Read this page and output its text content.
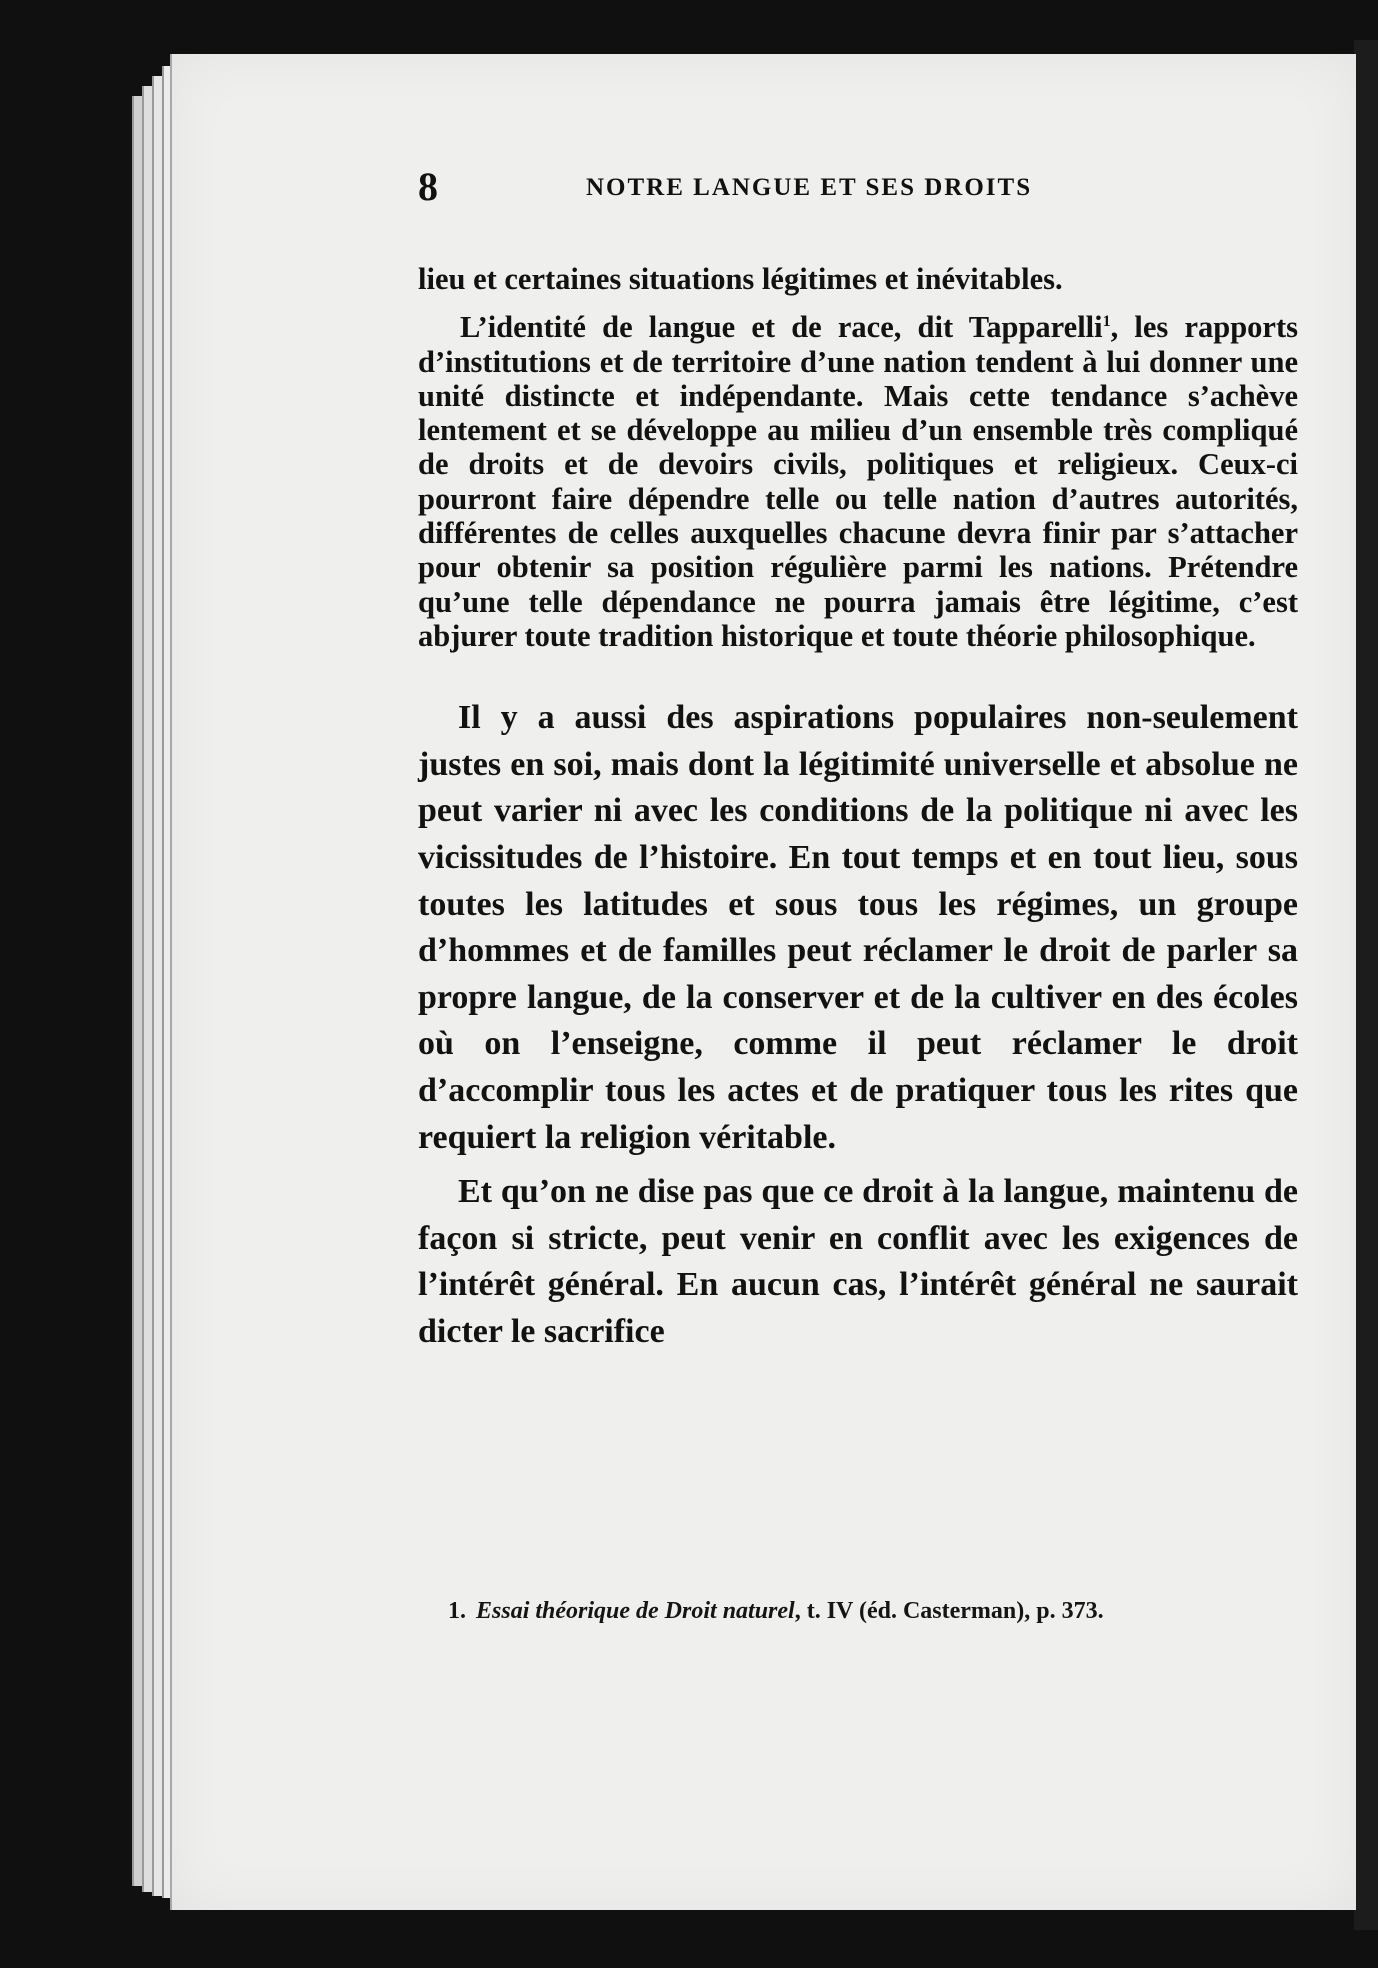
8	NOTRE LANGUE ET SES DROITS

lieu et certaines situations légitimes et inévitables.

L’identité de langue et de race, dit Tapparelli$^1$, les rapports d’institutions et de territoire d’une nation tendent à lui donner une unité distincte et indépendante. Mais cette tendance s’achève lentement et se développe au milieu d’un ensemble très compliqué de droits et de devoirs civils, politiques et religieux. Ceux-ci pourront faire dépendre telle ou telle nation d’autres autorités, différentes de celles auxquelles chacune devra finir par s’attacher pour obtenir sa position régulière parmi les nations. Prétendre qu’une telle dépendance ne pourra jamais être légitime, c’est abjurer toute tradition historique et toute théorie philosophique.

Il y a aussi des aspirations populaires non-seulement justes en soi, mais dont la légitimité universelle et absolue ne peut varier ni avec les conditions de la politique ni avec les vicissitudes de l’histoire. En tout temps et en tout lieu, sous toutes les latitudes et sous tous les régimes, un groupe d’hommes et de familles peut réclamer le droit de parler sa propre langue, de la conserver et de la cultiver en des écoles où on l’enseigne, comme il peut réclamer le droit d’accomplir tous les actes et de pratiquer tous les rites que requiert la religion véritable.

Et qu’on ne dise pas que ce droit à la langue, maintenu de façon si stricte, peut venir en conflit avec les exigences de l’intérêt général. En aucun cas, l’intérêt général ne saurait dicter le sacrifice

1. Essai théorique de Droit naturel, t. IV (éd. Casterman), p. 373.
